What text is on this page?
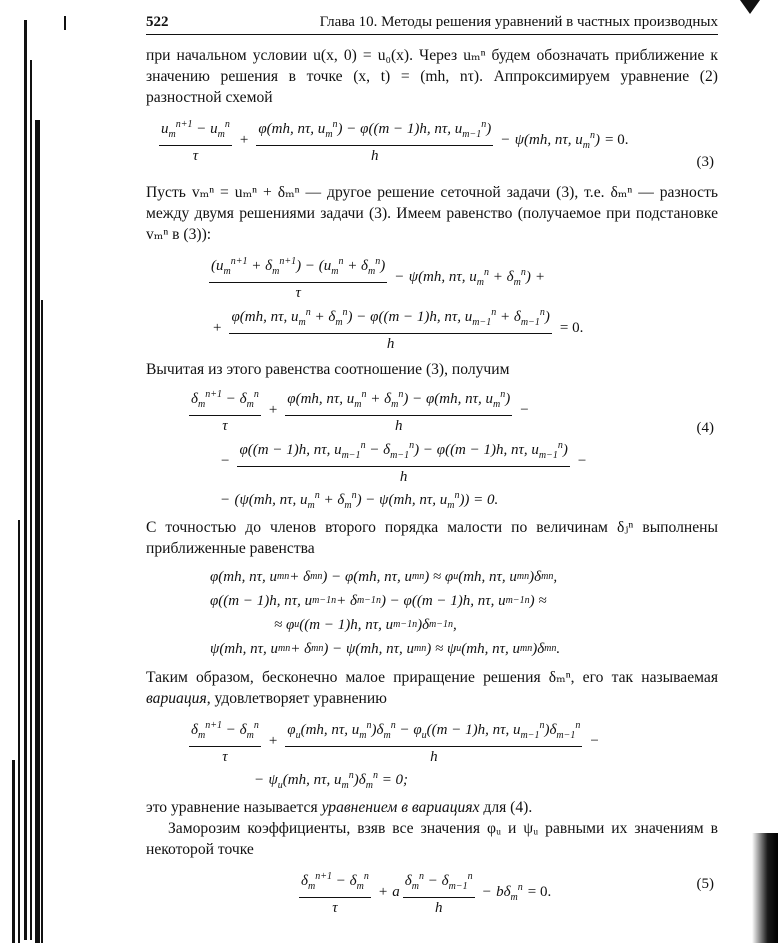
522	Глава 10. Методы решения уравнений в частных производных

при начальном условии u(x, 0) = u₀(x). Через uₘⁿ будем обозначать приближение к значению решения в точке (x, t) = (mh, nτ). Аппроксимируем уравнение (2) разностной схемой

$\frac{u_m^{n+1} - u_m^n}{\tau} + \frac{\varphi(mh, n\tau, u_m^n) - \varphi((m - 1)h, n\tau, u_{m-1}^n)}{h} - \psi(mh$, nτ, $u_m^n) = 0$.
(3)

Пусть vₘⁿ = uₘⁿ + δₘⁿ — другое решение сеточной задачи (3), т.е. δₘⁿ — разность между двумя решениями задачи (3). Имеем равенство (получаемое при подстановке vₘⁿ в (3)):

$\frac{(u_m^{n+1} + \delta_m^{n+1}) - (u_m^n + \delta_m^n)}{\tau} - \psi(mh$, nτ, $u_m^n + \delta_m^n$) +
+ $\frac{\varphi(mh, n\tau, u_m^n + \delta_m^n) - \varphi((m - 1)h, n\tau, u_{m-1}^n + \delta_{m-1}^n)}{h} = 0$.

Вычитая из этого равенства соотношение (3), получим

$\frac{\delta_m^{n+1} - \delta_m^n}{\tau} + \frac{\varphi(mh, n\tau, u_m^n + \delta_m^n) - \varphi(mh, n\tau, u_m^n)}{h}$ −
− $\frac{\varphi((m - 1)h, n\tau, u_{m-1}^n - \delta_{m-1}^n) - \varphi((m - 1)h, n\tau, u_{m-1}^n)}{h}$ −
− (ψ(mh, nτ, $u_m^n + \delta_m^n) - \psi(mh$, nτ, $u_m^n)) = 0$.
(4)

С точностью до членов второго порядка малости по величинам δⱼⁿ выполнены приближенные равенства

φ(mh, nτ, u m n + δ m n ) − φ(mh, nτ, u m n ) ≈ φ u (mh, nτ, u m n )δ m n ,
φ((m − 1)h, nτ, u m−1 n + δ m−1 n ) − φ((m − 1)h, nτ, u m−1 n ) ≈
≈ φ u ((m − 1)h, nτ, u m−1 n )δ m−1 n ,
ψ(mh, nτ, u m n + δ m n ) − ψ(mh, nτ, u m n ) ≈ ψ u (mh, nτ, u m n )δ m n .

Таким образом, бесконечно малое приращение решения δₘⁿ, его так называемая вариация, удовлетворяет уравнению

$\frac{\delta_m^{n+1} - \delta_m^n}{\tau} + \frac{\varphi_u(mh, n\tau, u_m^n)\delta_m^n - \varphi_u((m - 1)h, n\tau, u_{m-1}^n)\delta_{m-1}^n}{h}$ −
− $\psi_u(mh$, nτ, $u_m^n)\delta_m^n = 0$;

это уравнение называется уравнением в вариациях для (4).

Заморозим коэффициенты, взяв все значения φᵤ и ψᵤ равными их значениям в некоторой точке

$\frac{\delta_m^{n+1} - \delta_m^n}{\tau} + a \frac{\delta_m^n - \delta_{m-1}^n}{h} - b\delta_m^n = 0$.	(5)
